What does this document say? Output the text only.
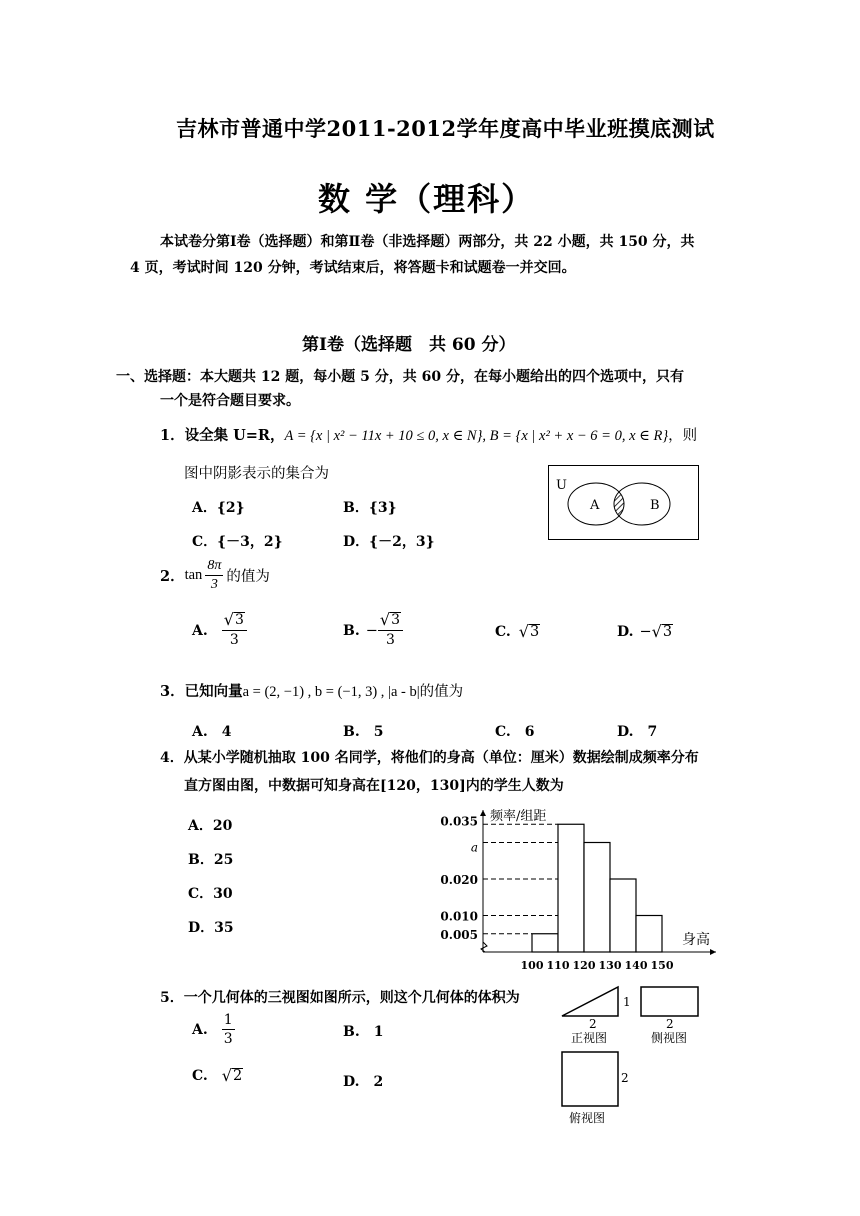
吉林市普通中学2011-2012学年度高中毕业班摸底测试
数 学（理科）
本试卷分第Ⅰ卷（选择题）和第Ⅱ卷（非选择题）两部分，共 22 小题，共 150 分，共
4 页，考试时间 120 分钟，考试结束后，将答题卡和试题卷一并交回。
第Ⅰ卷（选择题　共 60 分）
一、选择题：本大题共 12 题，每小题 5 分，共 60 分，在每小题给出的四个选项中，只有
一个是符合题目要求。
1．设全集 U=R，A = {x | x² − 11x + 10 ≤ 0, x ∈ N}, B = {x | x² + x − 6 = 0, x ∈ R}，则
图中阴影表示的集合为
A．{2}	B．{3}
C．{－3，2}	D．{－2，3}
U
A	B
2． $\tan \frac{8\pi}{3}$ 的值为
A. $\frac{√ 3}{3}$	B. − $\frac{√ 3}{3}$	C. √ 3	D. − √ 3
3．已知向量a = (2, −1) , b = (−1, 3) , |a - b|的值为
A.　4	B.　5	C.　6	D.　7
4．从某小学随机抽取 100 名同学，将他们的身高（单位：厘米）数据绘制成频率分布
直方图由图，中数据可知身高在[120，130]内的学生人数为
A．20
B．25
C．30
D．35
频率/组距
身高
0.005
0.010
0.020
a
0.035
100 110 120 130 140 150
5．一个几何体的三视图如图所示，则这个几何体的体积为
A. $\frac{1}{3}$	B.　1
C. √ 2	D.　2
1
2
正视图
2
侧视图
2
俯视图
